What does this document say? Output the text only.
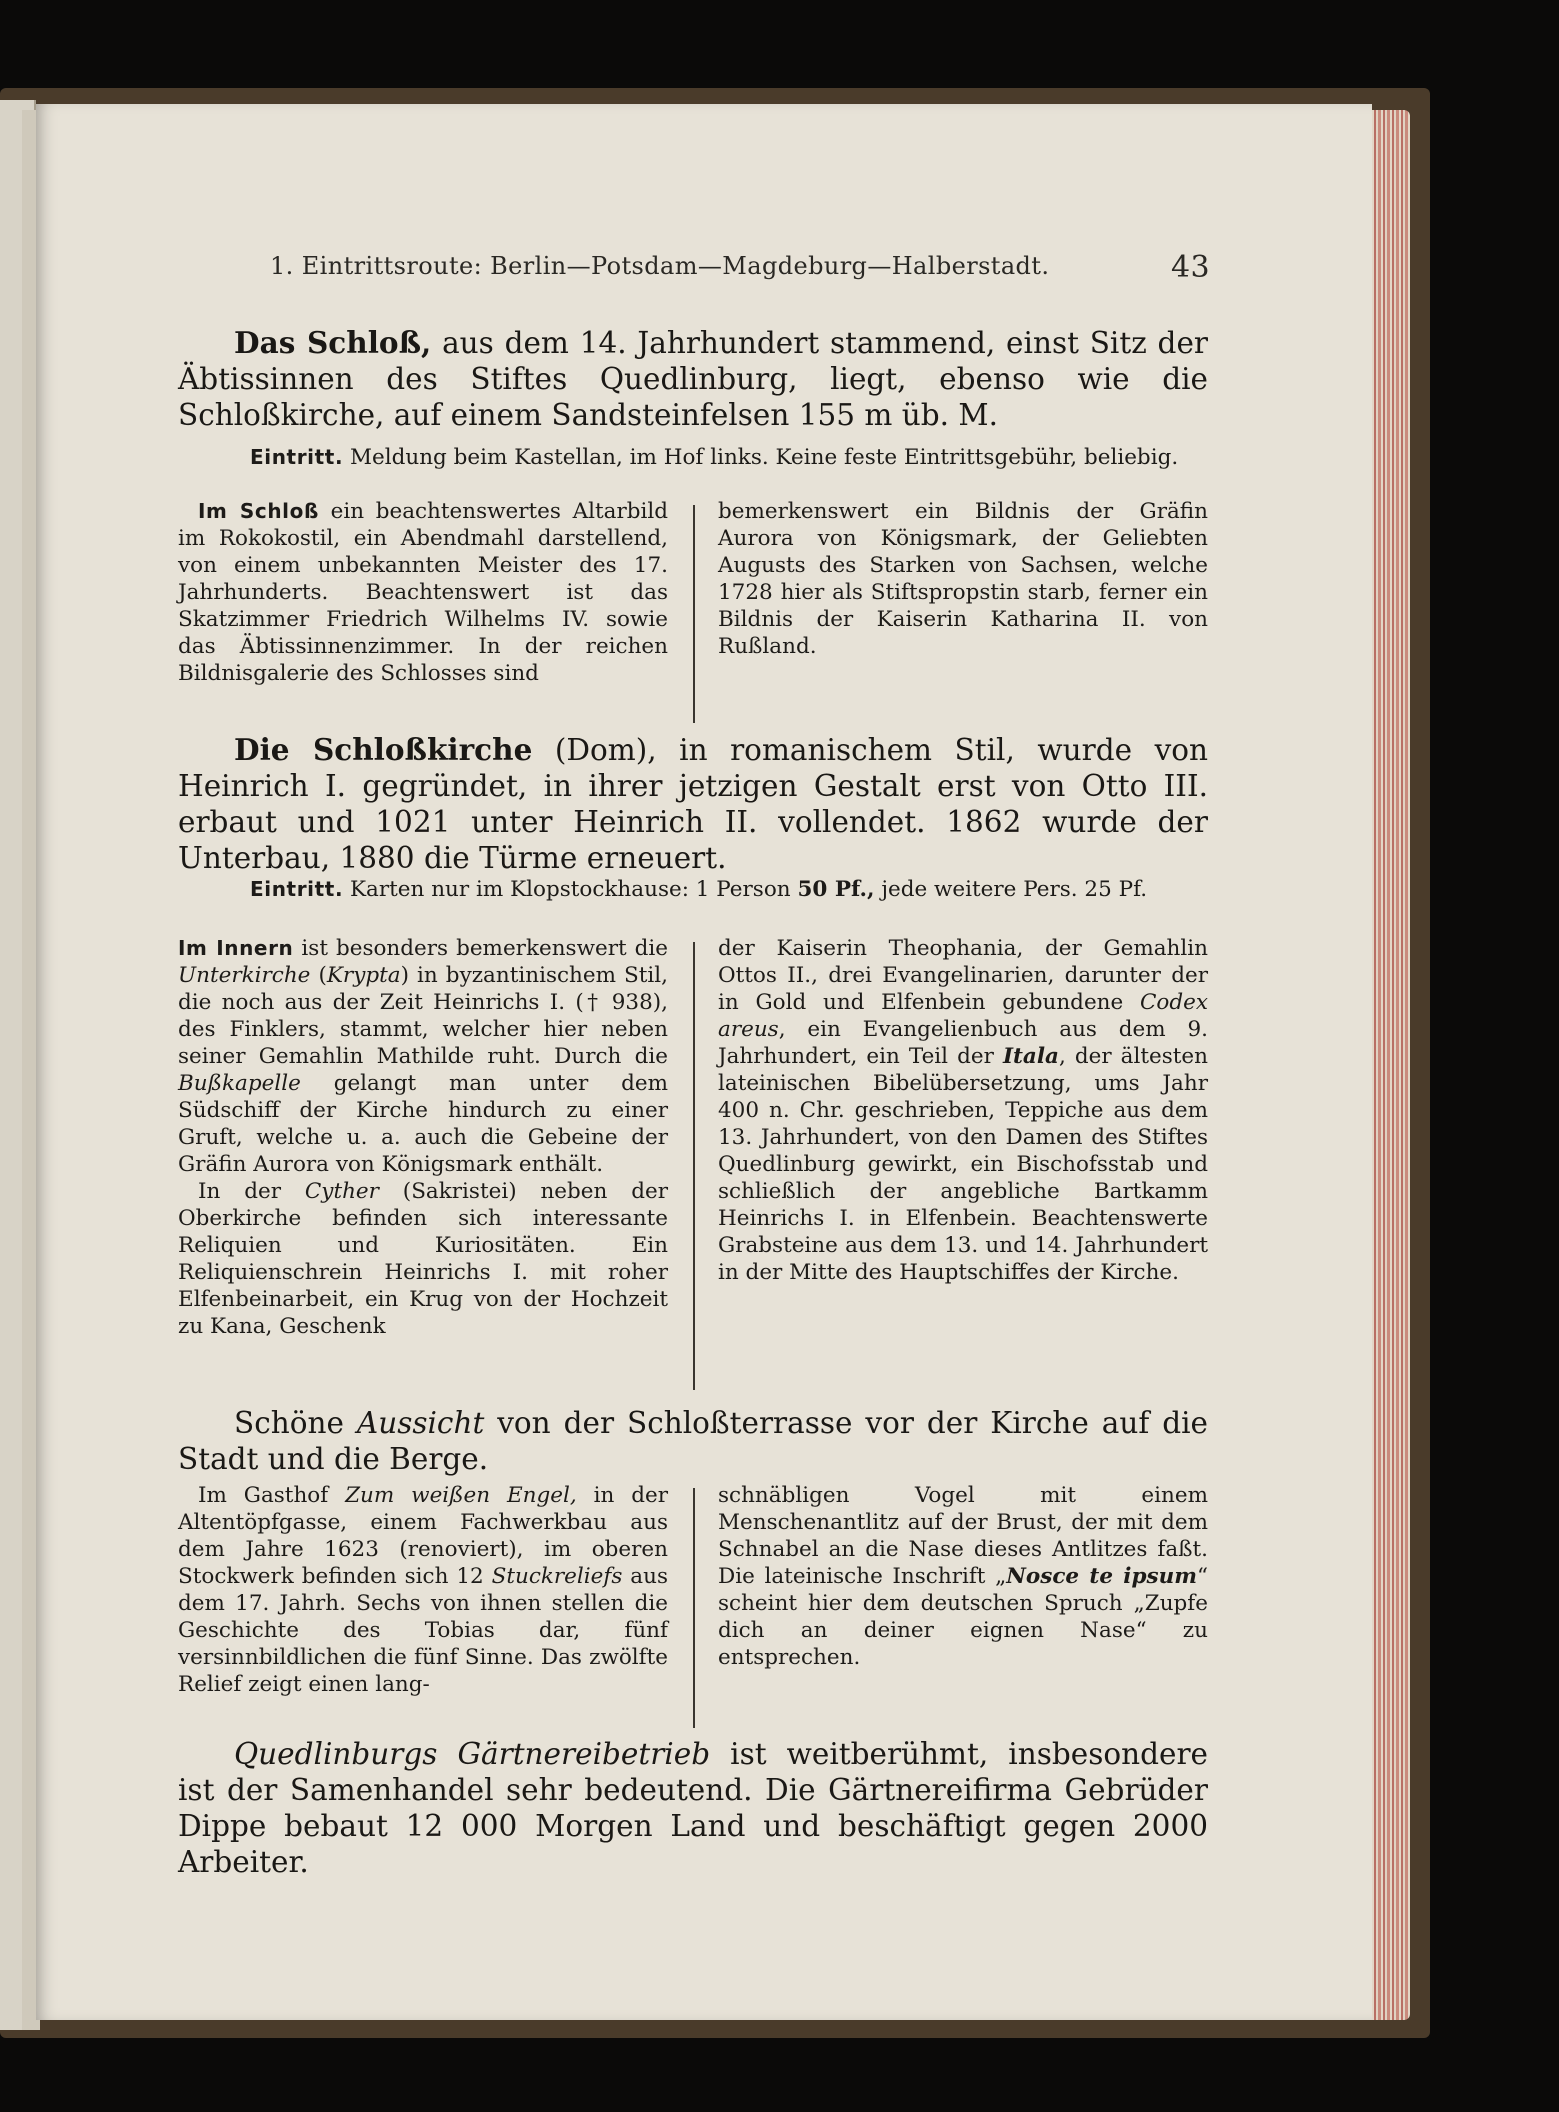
1. Eintrittsroute: Berlin—Potsdam—Magdeburg—Halberstadt.	43

Das Schloß, aus dem 14. Jahrhundert stammend, einst Sitz der Äbtissinnen des Stiftes Quedlinburg, liegt, ebenso wie die Schloßkirche, auf einem Sandsteinfelsen 155 m üb. M.

Eintritt. Meldung beim Kastellan, im Hof links. Keine feste Eintrittsgebühr, beliebig.

Im Schloß ein beachtenswertes Altarbild im Rokokostil, ein Abendmahl darstellend, von einem unbekannten Meister des 17. Jahrhunderts. Beachtenswert ist das Skatzimmer Friedrich Wilhelms IV. sowie das Äbtissinnenzimmer. In der reichen Bildnisgalerie des Schlosses sind

bemerkenswert ein Bildnis der Gräfin Aurora von Königsmark, der Geliebten Augusts des Starken von Sachsen, welche 1728 hier als Stiftspropstin starb, ferner ein Bildnis der Kaiserin Katharina II. von Rußland.

Die Schloßkirche (Dom), in romanischem Stil, wurde von Heinrich I. gegründet, in ihrer jetzigen Gestalt erst von Otto III. erbaut und 1021 unter Heinrich II. vollendet. 1862 wurde der Unterbau, 1880 die Türme erneuert.

Eintritt. Karten nur im Klopstockhause: 1 Person 50 Pf., jede weitere Pers. 25 Pf.

Im Innern ist besonders bemerkenswert die Unterkirche (Krypta) in byzantinischem Stil, die noch aus der Zeit Heinrichs I. († 938), des Finklers, stammt, welcher hier neben seiner Gemahlin Mathilde ruht. Durch die Bußkapelle gelangt man unter dem Südschiff der Kirche hindurch zu einer Gruft, welche u. a. auch die Gebeine der Gräfin Aurora von Königsmark enthält.

In der Cyther (Sakristei) neben der Oberkirche befinden sich interessante Reliquien und Kuriositäten. Ein Reliquienschrein Heinrichs I. mit roher Elfenbeinarbeit, ein Krug von der Hochzeit zu Kana, Geschenk

der Kaiserin Theophania, der Gemahlin Ottos II., drei Evangelinarien, darunter der in Gold und Elfenbein gebundene Codex areus, ein Evangelienbuch aus dem 9. Jahrhundert, ein Teil der Itala, der ältesten lateinischen Bibelübersetzung, ums Jahr 400 n. Chr. geschrieben, Teppiche aus dem 13. Jahrhundert, von den Damen des Stiftes Quedlinburg gewirkt, ein Bischofsstab und schließlich der angebliche Bartkamm Heinrichs I. in Elfenbein. Beachtenswerte Grabsteine aus dem 13. und 14. Jahrhundert in der Mitte des Hauptschiffes der Kirche.

Schöne Aussicht von der Schloßterrasse vor der Kirche auf die Stadt und die Berge.

Im Gasthof Zum weißen Engel, in der Altentöpfgasse, einem Fachwerkbau aus dem Jahre 1623 (renoviert), im oberen Stockwerk befinden sich 12 Stuckreliefs aus dem 17. Jahrh. Sechs von ihnen stellen die Geschichte des Tobias dar, fünf versinnbildlichen die fünf Sinne. Das zwölfte Relief zeigt einen lang-

schnäbligen Vogel mit einem Menschenantlitz auf der Brust, der mit dem Schnabel an die Nase dieses Antlitzes faßt. Die lateinische Inschrift „Nosce te ipsum“ scheint hier dem deutschen Spruch „Zupfe dich an deiner eignen Nase“ zu entsprechen.

Quedlinburgs Gärtnereibetrieb ist weitberühmt, insbesondere ist der Samenhandel sehr bedeutend. Die Gärtnereifirma Gebrüder Dippe bebaut 12 000 Morgen Land und beschäftigt gegen 2000 Arbeiter.
